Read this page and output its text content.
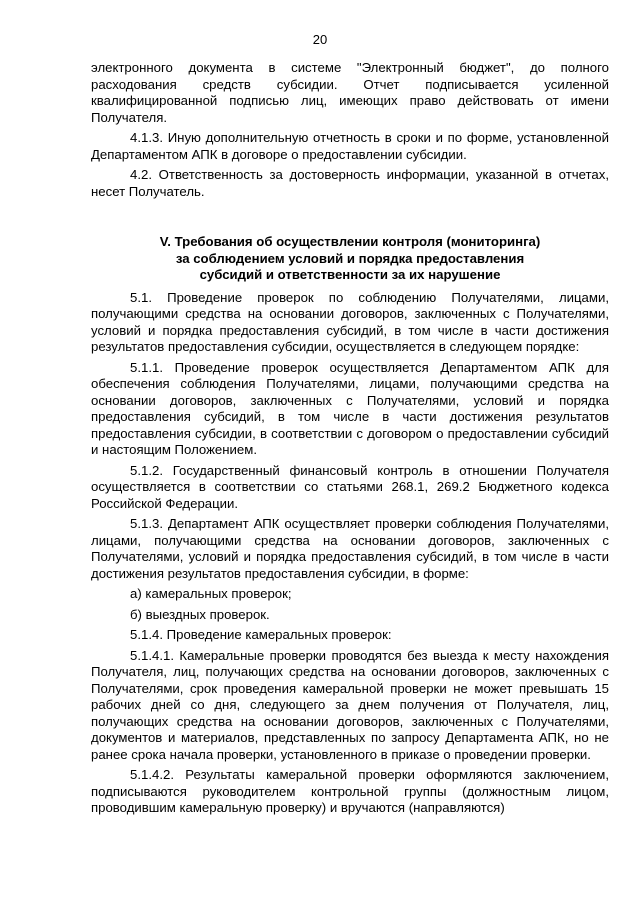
20

электронного документа в системе "Электронный бюджет", до полного расходования средств субсидии. Отчет подписывается усиленной квалифицированной подписью лиц, имеющих право действовать от имени Получателя.

4.1.3. Иную дополнительную отчетность в сроки и по форме, установленной Департаментом АПК в договоре о предоставлении субсидии.

4.2. Ответственность за достоверность информации, указанной в отчетах, несет Получатель.

V. Требования об осуществлении контроля (мониторинга)
за соблюдением условий и порядка предоставления
субсидий и ответственности за их нарушение

5.1. Проведение проверок по соблюдению Получателями, лицами, получающими средства на основании договоров, заключенных с Получателями, условий и порядка предоставления субсидий, в том числе в части достижения результатов предоставления субсидии, осуществляется в следующем порядке:

5.1.1. Проведение проверок осуществляется Департаментом АПК для обеспечения соблюдения Получателями, лицами, получающими средства на основании договоров, заключенных с Получателями, условий и порядка предоставления субсидий, в том числе в части достижения результатов предоставления субсидии, в соответствии с договором о предоставлении субсидий и настоящим Положением.

5.1.2. Государственный финансовый контроль в отношении Получателя осуществляется в соответствии со статьями 268.1, 269.2 Бюджетного кодекса Российской Федерации.

5.1.3. Департамент АПК осуществляет проверки соблюдения Получателями, лицами, получающими средства на основании договоров, заключенных с Получателями, условий и порядка предоставления субсидий, в том числе в части достижения результатов предоставления субсидии, в форме:

а) камеральных проверок;

б) выездных проверок.

5.1.4. Проведение камеральных проверок:

5.1.4.1. Камеральные проверки проводятся без выезда к месту нахождения Получателя, лиц, получающих средства на основании договоров, заключенных с Получателями, срок проведения камеральной проверки не может превышать 15 рабочих дней со дня, следующего за днем получения от Получателя, лиц, получающих средства на основании договоров, заключенных с Получателями, документов и материалов, представленных по запросу Департамента АПК, но не ранее срока начала проверки, установленного в приказе о проведении проверки.

5.1.4.2. Результаты камеральной проверки оформляются заключением, подписываются руководителем контрольной группы (должностным лицом, проводившим камеральную проверку) и вручаются (направляются)
